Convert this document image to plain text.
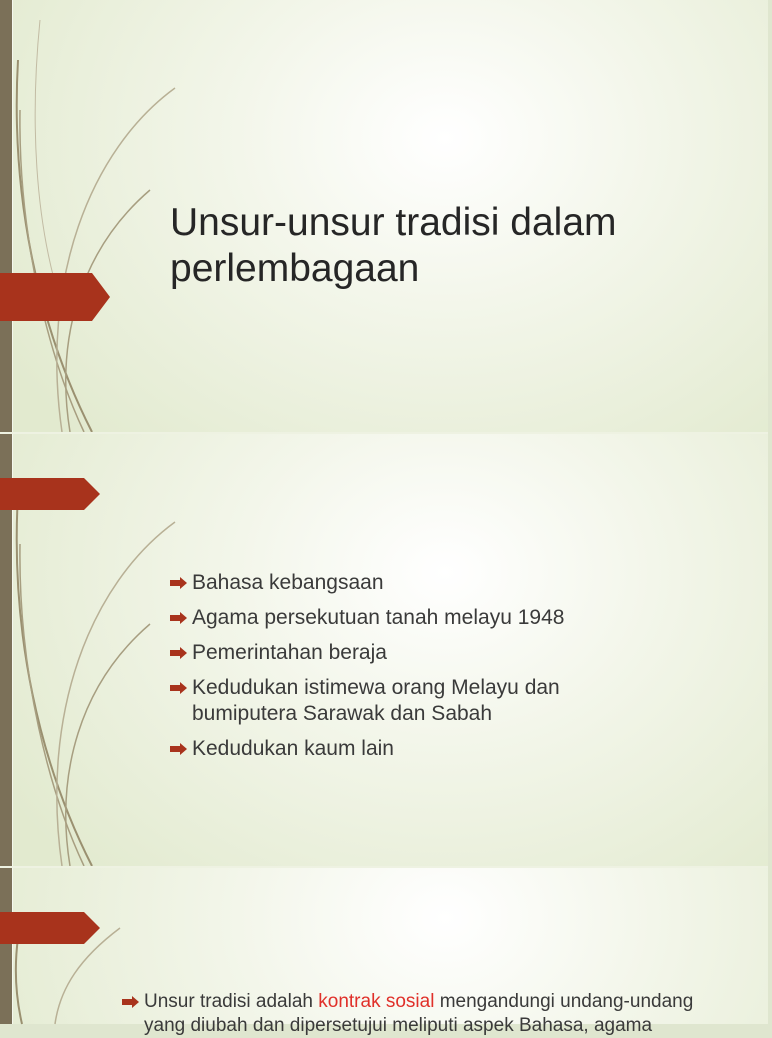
Unsur-unsur tradisi dalam
perlembagaan
Bahasa kebangsaan
Agama persekutuan tanah melayu 1948
Pemerintahan beraja
Kedudukan istimewa orang Melayu dan
bumiputera Sarawak dan Sabah
Kedudukan kaum lain
Unsur tradisi adalah kontrak sosial mengandungi undang-undang
yang diubah dan dipersetujui meliputi aspek Bahasa, agama
